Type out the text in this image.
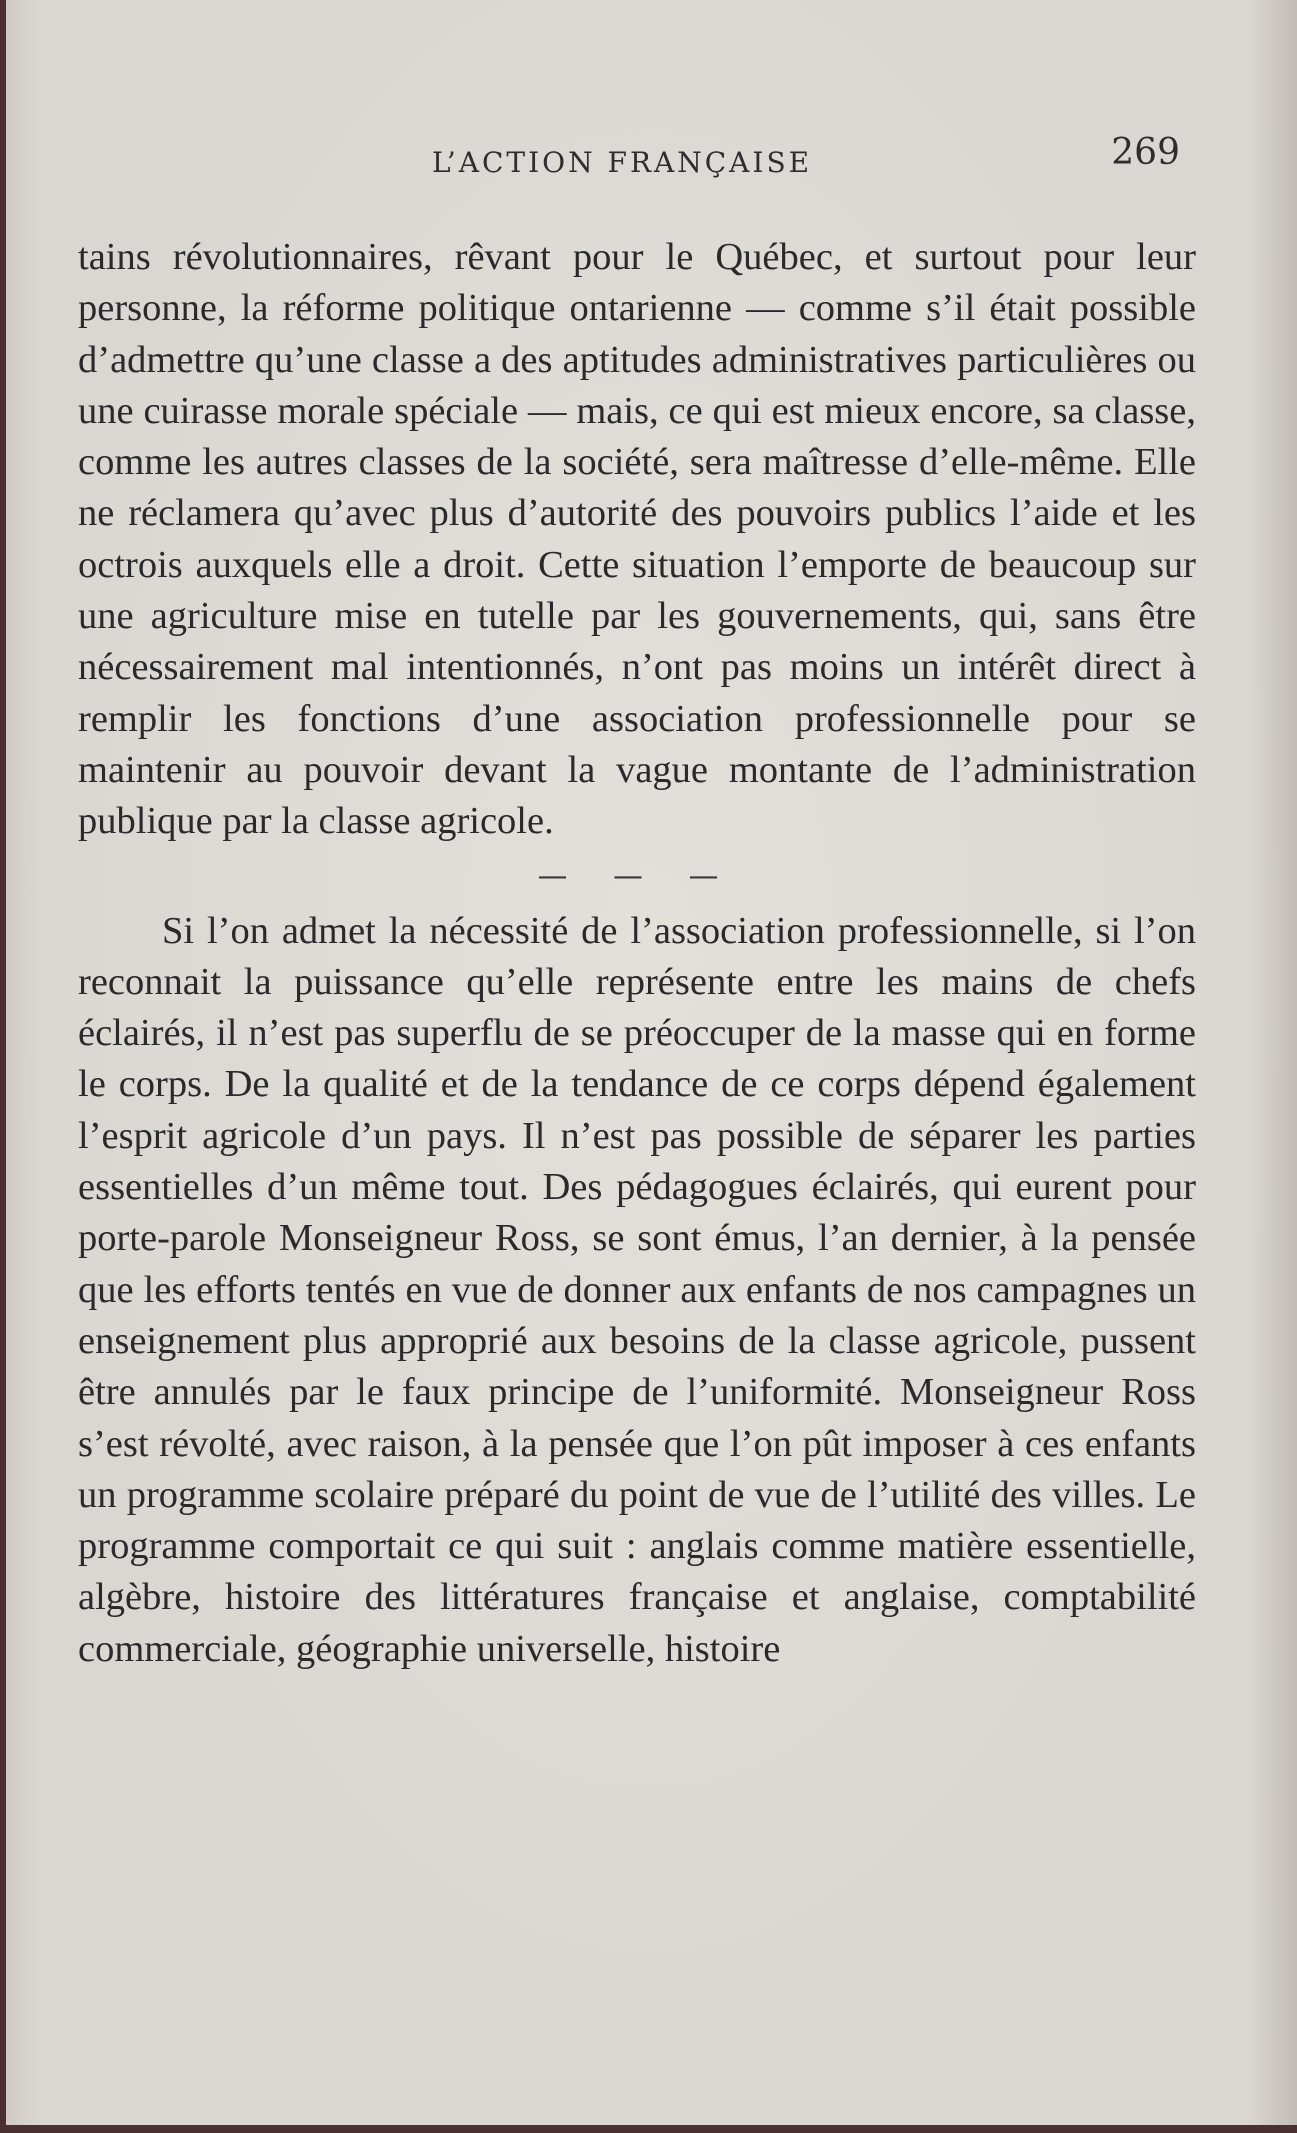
L’ACTION FRANÇAISE	269

tains révolutionnaires, rêvant pour le Québec, et surtout pour leur personne, la réforme politique ontarienne — comme s’il était possible d’admettre qu’une classe a des aptitudes administratives particulières ou une cuirasse morale spéciale — mais, ce qui est mieux encore, sa classe, comme les autres classes de la société, sera maîtresse d’elle-même. Elle ne réclamera qu’avec plus d’autorité des pouvoirs publics l’aide et les octrois auxquels elle a droit. Cette situation l’emporte de beaucoup sur une agriculture mise en tutelle par les gouvernements, qui, sans être nécessairement mal intentionnés, n’ont pas moins un intérêt direct à remplir les fonctions d’une association professionnelle pour se maintenir au pouvoir devant la vague montante de l’administration publique par la classe agricole.

— — —

Si l’on admet la nécessité de l’association professionnelle, si l’on reconnait la puissance qu’elle représente entre les mains de chefs éclairés, il n’est pas superflu de se préoccuper de la masse qui en forme le corps. De la qualité et de la tendance de ce corps dépend également l’esprit agricole d’un pays. Il n’est pas possible de séparer les parties essentielles d’un même tout. Des pédagogues éclairés, qui eurent pour porte-parole Monseigneur Ross, se sont émus, l’an dernier, à la pensée que les efforts tentés en vue de donner aux enfants de nos campagnes un enseignement plus approprié aux besoins de la classe agricole, pussent être annulés par le faux principe de l’uniformité. Monseigneur Ross s’est révolté, avec raison, à la pensée que l’on pût imposer à ces enfants un programme scolaire préparé du point de vue de l’utilité des villes. Le programme comportait ce qui suit : anglais comme matière essentielle, algèbre, histoire des littératures française et anglaise, comptabilité commerciale, géographie universelle, histoire
